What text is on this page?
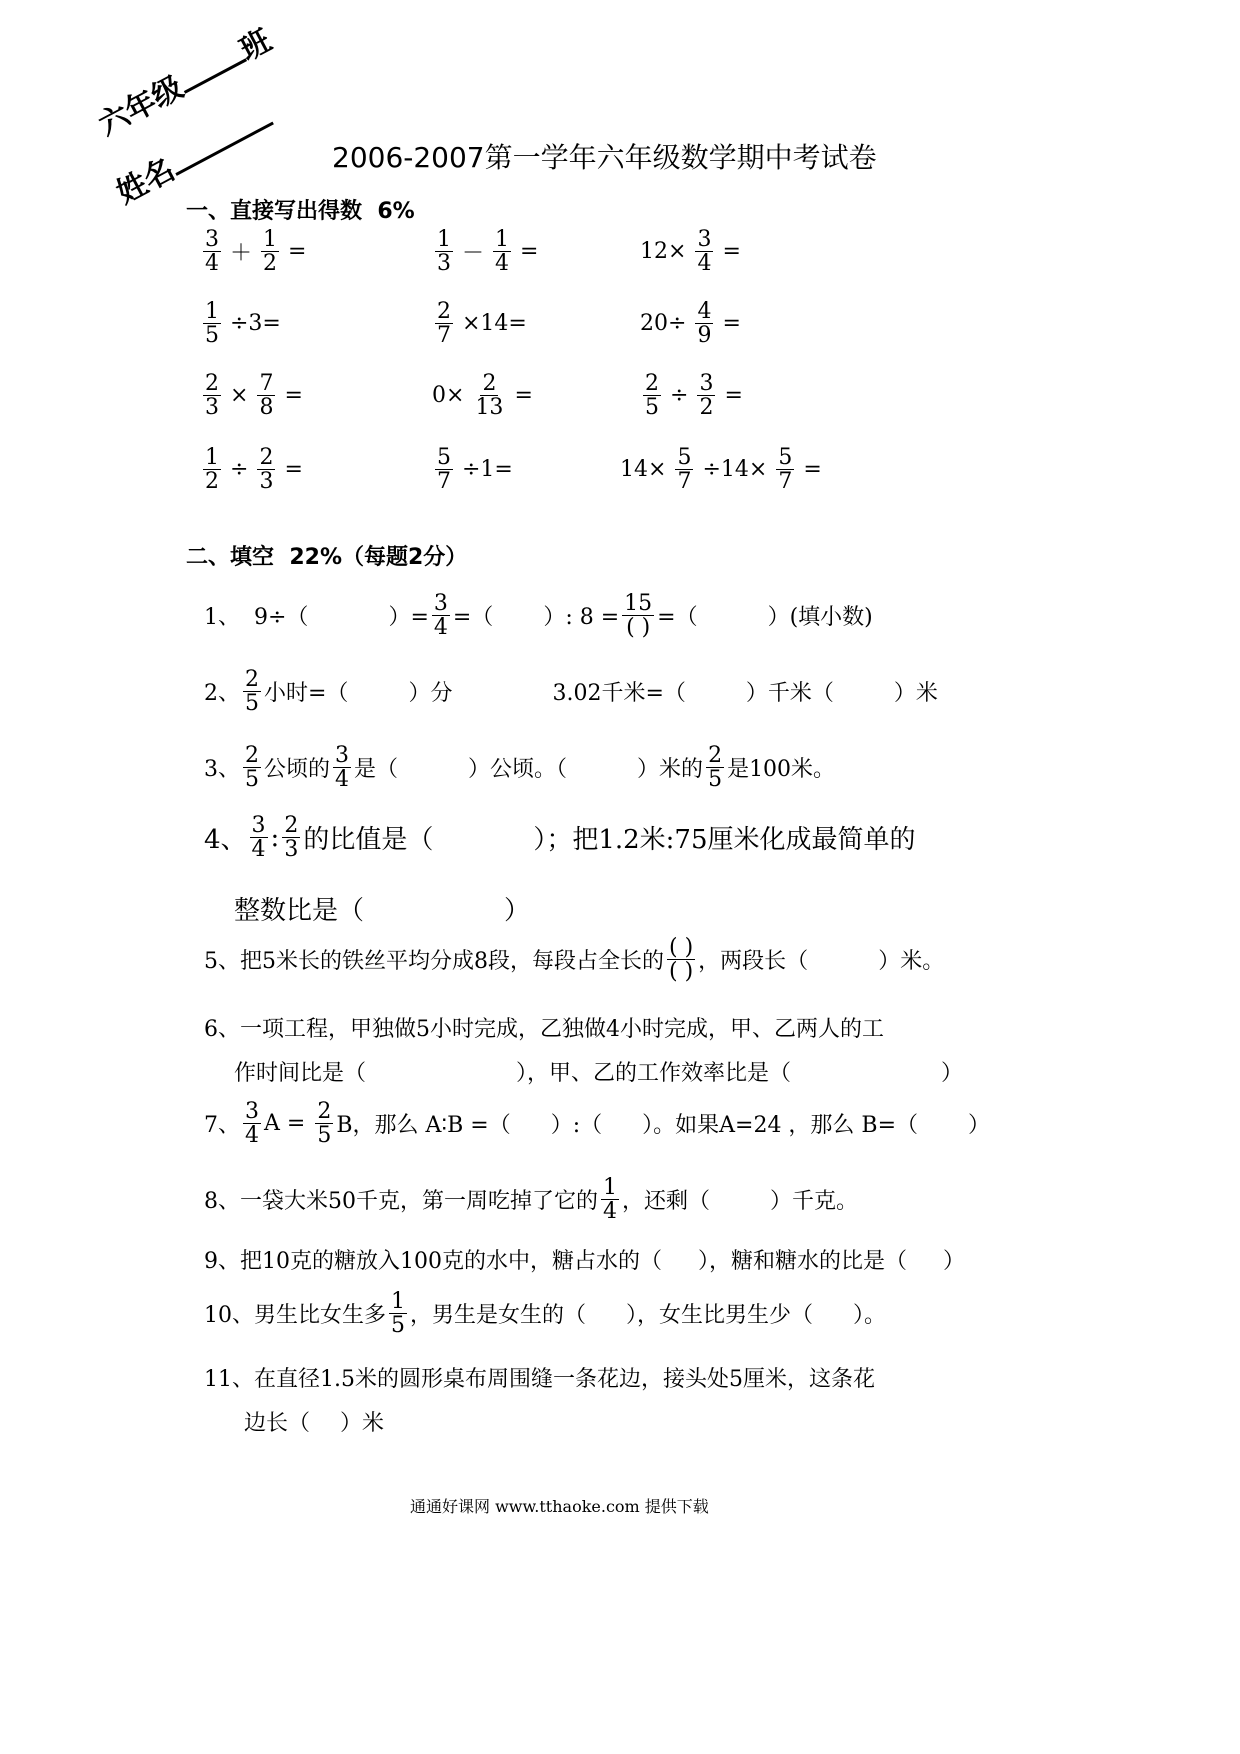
六年级班
姓名	2006-2007第一学年六年级数学期中考试卷
一、直接写出得数 6%
$\frac{3}{4} + \frac{1}{2}$ =	$\frac{1}{3} - \frac{1}{4}$ =	$12\times \frac{3}{4}$ =
$\frac{1}{5} \div 3=$	$\frac{2}{7} \times 14=$	$20\div \frac{4}{9}$ =
$\frac{2}{3} \times \frac{7}{8}$ =	$0\times \frac{2}{13}$ =	$\frac{2}{5} \div \frac{3}{2}$ =
$\frac{1}{2} \div \frac{2}{3}$ =	$\frac{5}{7} \div 1=$	$14\times \frac{5}{7} \div 14\times \frac{5}{7}$ =
二、填空 22%（每题2分）
1、
9÷（	）= $\frac{3}{4}$ =（ ）: $8 = \frac{15}{( )}$ =（	）(填小数)
2、 $\frac{2}{5}$ 小时=（	）分	3.02千米=（	）千米（	）米
3、 $\frac{2}{5}$ 公顷的 $\frac{3}{4}$ 是（	）公顷。（	）米的 $\frac{2}{5}$ 是100米。
4、 $\frac{3}{4}$ : $\frac{2}{3}$ 的比值是（	）；把1.2米:75厘米化成最简单的
整数比是（	）
5、 把5米长的铁丝平均分成8段，每段占全长的 $\frac{( )}{( )}$ ，两段长（	）米。
6、 一项工程，甲独做5小时完成，乙独做4小时完成，甲、乙两人的工
作时间比是（	），甲、乙的工作效率比是（	）
7、 $\frac{3}{4}$ A =
$\frac{2}{5}$ B，那么 A∶B =（ ）:（ ）。如果A=24 ，那么 B=（ ）
8、 一袋大米50千克，第一周吃掉了它的 $\frac{1}{4}$ ，还剩（	）千克。
9、 把10克的糖放入100克的水中，糖占水的（ ），糖和糖水的比是（ ）
10、 男生比女生多 $\frac{1}{5}$ ，男生是女生的（ ），女生比男生少（ ）。
11、 在直径1.5米的圆形桌布周围缝一条花边，接头处5厘米，这条花
边长（ ）米
通通好课网 www.tthaoke.com 提供下载
